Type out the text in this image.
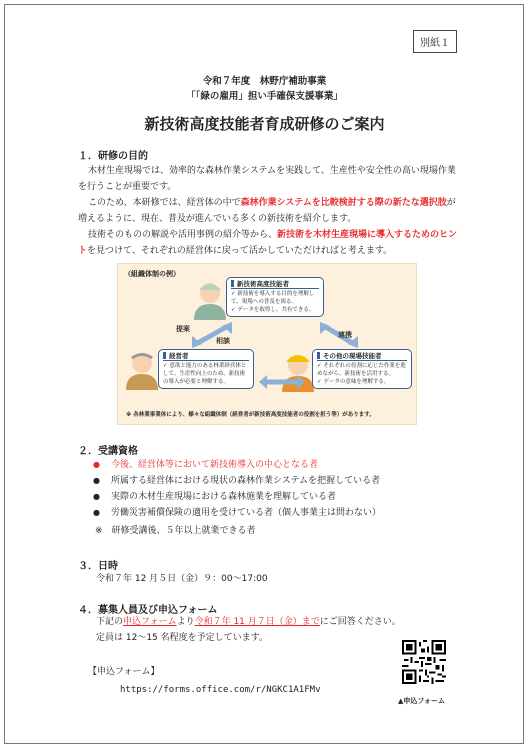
別紙１
令和７年度　林野庁補助事業
「「緑の雇用」担い手確保支援事業」
新技術高度技能者育成研修のご案内
１．研修の目的
木材生産現場では、効率的な森林作業システムを実践して、生産性や安全性の高い現場作業を行うことが重要です。
このため、本研修では、経営体の中で森林作業システムを比較検討する際の新たな選択肢が増えるように、現在、普及が進んでいる多くの新技術を紹介します。
技術そのものの解説や活用事例の紹介等から、新技術を木材生産現場に導入するためのヒントを見つけて、それぞれの経営体に戻って活かしていただければと考えます。
（組織体制の例）
新技術高度技能者
✓ 新技術を導入する目的を理解して、現場への普及を図る。
✓ データを取得し、共有できる。
経営者
✓ 意欲と能力のある林業経営体として、生産性向上のため、新技術の導入が必要と理解する。
その他の現場技能者
✓ それぞれの役割に応じた作業を進めながら、新技術を活用する。
✓ データの意味を理解する。
提案
相談
連携
※ 各林業事業体により、様々な組織体制（経営者が新技術高度技能者の役割を担う等）があります。
２．受講資格
● 今後、経営体等において新技術導入の中心となる者
● 所属する経営体における現状の森林作業システムを把握している者
● 実際の木材生産現場における森林施業を理解している者
● 労働災害補償保険の適用を受けている者（個人事業主は問わない）
※　研修受講後、５年以上就業できる者
３．日時
令和７年 12 月５日（金）９：00～17:00
４．募集人員及び申込フォーム
下記の申込フォームより令和７年 11 月７日（金）までにご回答ください。
定員は 12～15 名程度を予定しています。
【申込フォーム】
https://forms.office.com/r/NGKC1A1FMv
▲申込フォーム
